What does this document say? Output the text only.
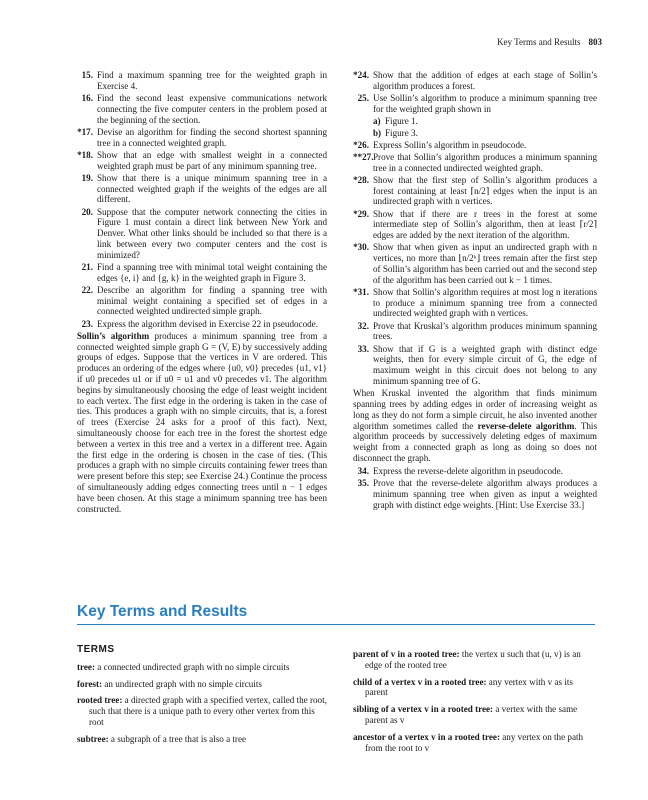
Key Terms and Results 803
15. Find a maximum spanning tree for the weighted graph in Exercise 4.
16. Find the second least expensive communications network connecting the five computer centers in the problem posed at the beginning of the section.
*17. Devise an algorithm for finding the second shortest spanning tree in a connected weighted graph.
*18. Show that an edge with smallest weight in a connected weighted graph must be part of any minimum spanning tree.
19. Show that there is a unique minimum spanning tree in a connected weighted graph if the weights of the edges are all different.
20. Suppose that the computer network connecting the cities in Figure 1 must contain a direct link between New York and Denver. What other links should be included so that there is a link between every two computer centers and the cost is minimized?
21. Find a spanning tree with minimal total weight containing the edges {e, i} and {g, k} in the weighted graph in Figure 3.
22. Describe an algorithm for finding a spanning tree with minimal weight containing a specified set of edges in a connected weighted undirected simple graph.
23. Express the algorithm devised in Exercise 22 in pseudocode.

Sollin’s algorithm produces a minimum spanning tree from a connected weighted simple graph G = (V, E) by successively adding groups of edges. Suppose that the vertices in V are ordered. This produces an ordering of the edges where {u0, v0} precedes {u1, v1} if u0 precedes u1 or if u0 = u1 and v0 precedes v1. The algorithm begins by simultaneously choosing the edge of least weight incident to each vertex. The first edge in the ordering is taken in the case of ties. This produces a graph with no simple circuits, that is, a forest of trees (Exercise 24 asks for a proof of this fact). Next, simultaneously choose for each tree in the forest the shortest edge between a vertex in this tree and a vertex in a different tree. Again the first edge in the ordering is chosen in the case of ties. (This produces a graph with no simple circuits containing fewer trees than were present before this step; see Exercise 24.) Continue the process of simultaneously adding edges connecting trees until n − 1 edges have been chosen. At this stage a minimum spanning tree has been constructed.

*24. Show that the addition of edges at each stage of Sollin’s algorithm produces a forest.
25. Use Sollin’s algorithm to produce a minimum spanning tree for the weighted graph shown in
a) Figure 1.
b) Figure 3.
*26. Express Sollin’s algorithm in pseudocode.
**27. Prove that Sollin’s algorithm produces a minimum spanning tree in a connected undirected weighted graph.
*28. Show that the first step of Sollin’s algorithm produces a forest containing at least ⌈n/2⌉ edges when the input is an undirected graph with n vertices.
*29. Show that if there are r trees in the forest at some intermediate step of Sollin’s algorithm, then at least ⌈r/2⌉ edges are added by the next iteration of the algorithm.
*30. Show that when given as input an undirected graph with n vertices, no more than ⌊n/2ᵏ⌋ trees remain after the first step of Sollin’s algorithm has been carried out and the second step of the algorithm has been carried out k − 1 times.
*31. Show that Sollin’s algorithm requires at most log n iterations to produce a minimum spanning tree from a connected undirected weighted graph with n vertices.
32. Prove that Kruskal’s algorithm produces minimum spanning trees.
33. Show that if G is a weighted graph with distinct edge weights, then for every simple circuit of G, the edge of maximum weight in this circuit does not belong to any minimum spanning tree of G.

When Kruskal invented the algorithm that finds minimum spanning trees by adding edges in order of increasing weight as long as they do not form a simple circuit, he also invented another algorithm sometimes called the reverse-delete algorithm. This algorithm proceeds by successively deleting edges of maximum weight from a connected graph as long as doing so does not disconnect the graph.

34. Express the reverse-delete algorithm in pseudocode.
35. Prove that the reverse-delete algorithm always produces a minimum spanning tree when given as input a weighted graph with distinct edge weights. [Hint: Use Exercise 33.]
Key Terms and Results
TERMS
tree: a connected undirected graph with no simple circuits
forest: an undirected graph with no simple circuits
rooted tree: a directed graph with a specified vertex, called the root, such that there is a unique path to every other vertex from this root
subtree: a subgraph of a tree that is also a tree
parent of v in a rooted tree: the vertex u such that (u, v) is an edge of the rooted tree
child of a vertex v in a rooted tree: any vertex with v as its parent
sibling of a vertex v in a rooted tree: a vertex with the same parent as v
ancestor of a vertex v in a rooted tree: any vertex on the path from the root to v
